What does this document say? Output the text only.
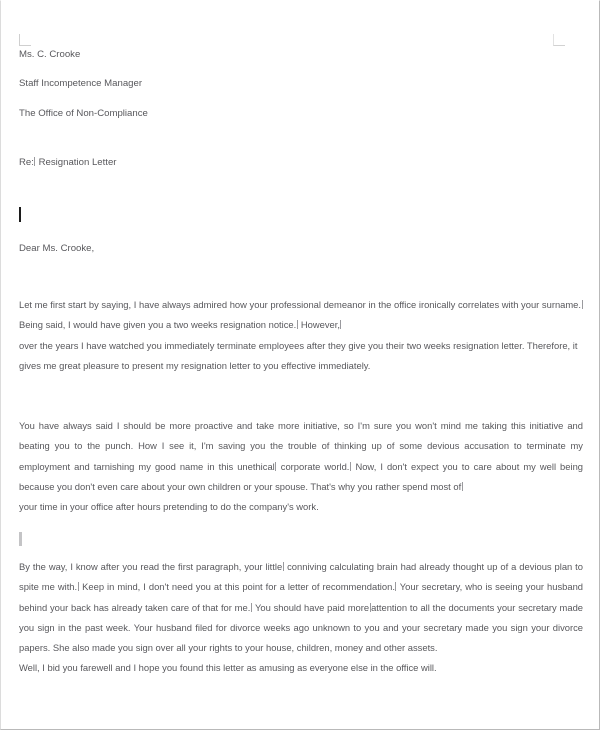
Ms. C. Crooke
Staff Incompetence Manager
The Office of Non-Compliance
Re: Resignation Letter
Dear Ms. Crooke,
Let me first start by saying, I have always admired how your professional demeanor in the office ironically correlates with your surname. Being said, I would have given you a two weeks resignation notice. However,
over the years I have watched you immediately terminate employees after they give you their two weeks resignation letter. Therefore, it gives me great pleasure to present my resignation letter to you effective immediately.
You have always said I should be more proactive and take more initiative, so I'm sure you won't mind me taking this initiative and beating you to the punch. How I see it, I'm saving you the trouble of thinking up of some devious accusation to terminate my employment and tarnishing my good name in this unethical corporate world. Now, I don't expect you to care about my well being because you don't even care about your own children or your spouse. That's why you rather spend most of
your time in your office after hours pretending to do the company's work.
By the way, I know after you read the first paragraph, your little conniving calculating brain had already thought up of a devious plan to spite me with. Keep in mind, I don't need you at this point for a letter of recommendation. Your secretary, who is seeing your husband behind your back has already taken care of that for me. You should have paid more attention to all the documents your secretary made you sign in the past week. Your husband filed for divorce weeks ago unknown to you and your secretary made you sign your divorce papers. She also made you sign over all your rights to your house, children, money and other assets.
Well, I bid you farewell and I hope you found this letter as amusing as everyone else in the office will.
